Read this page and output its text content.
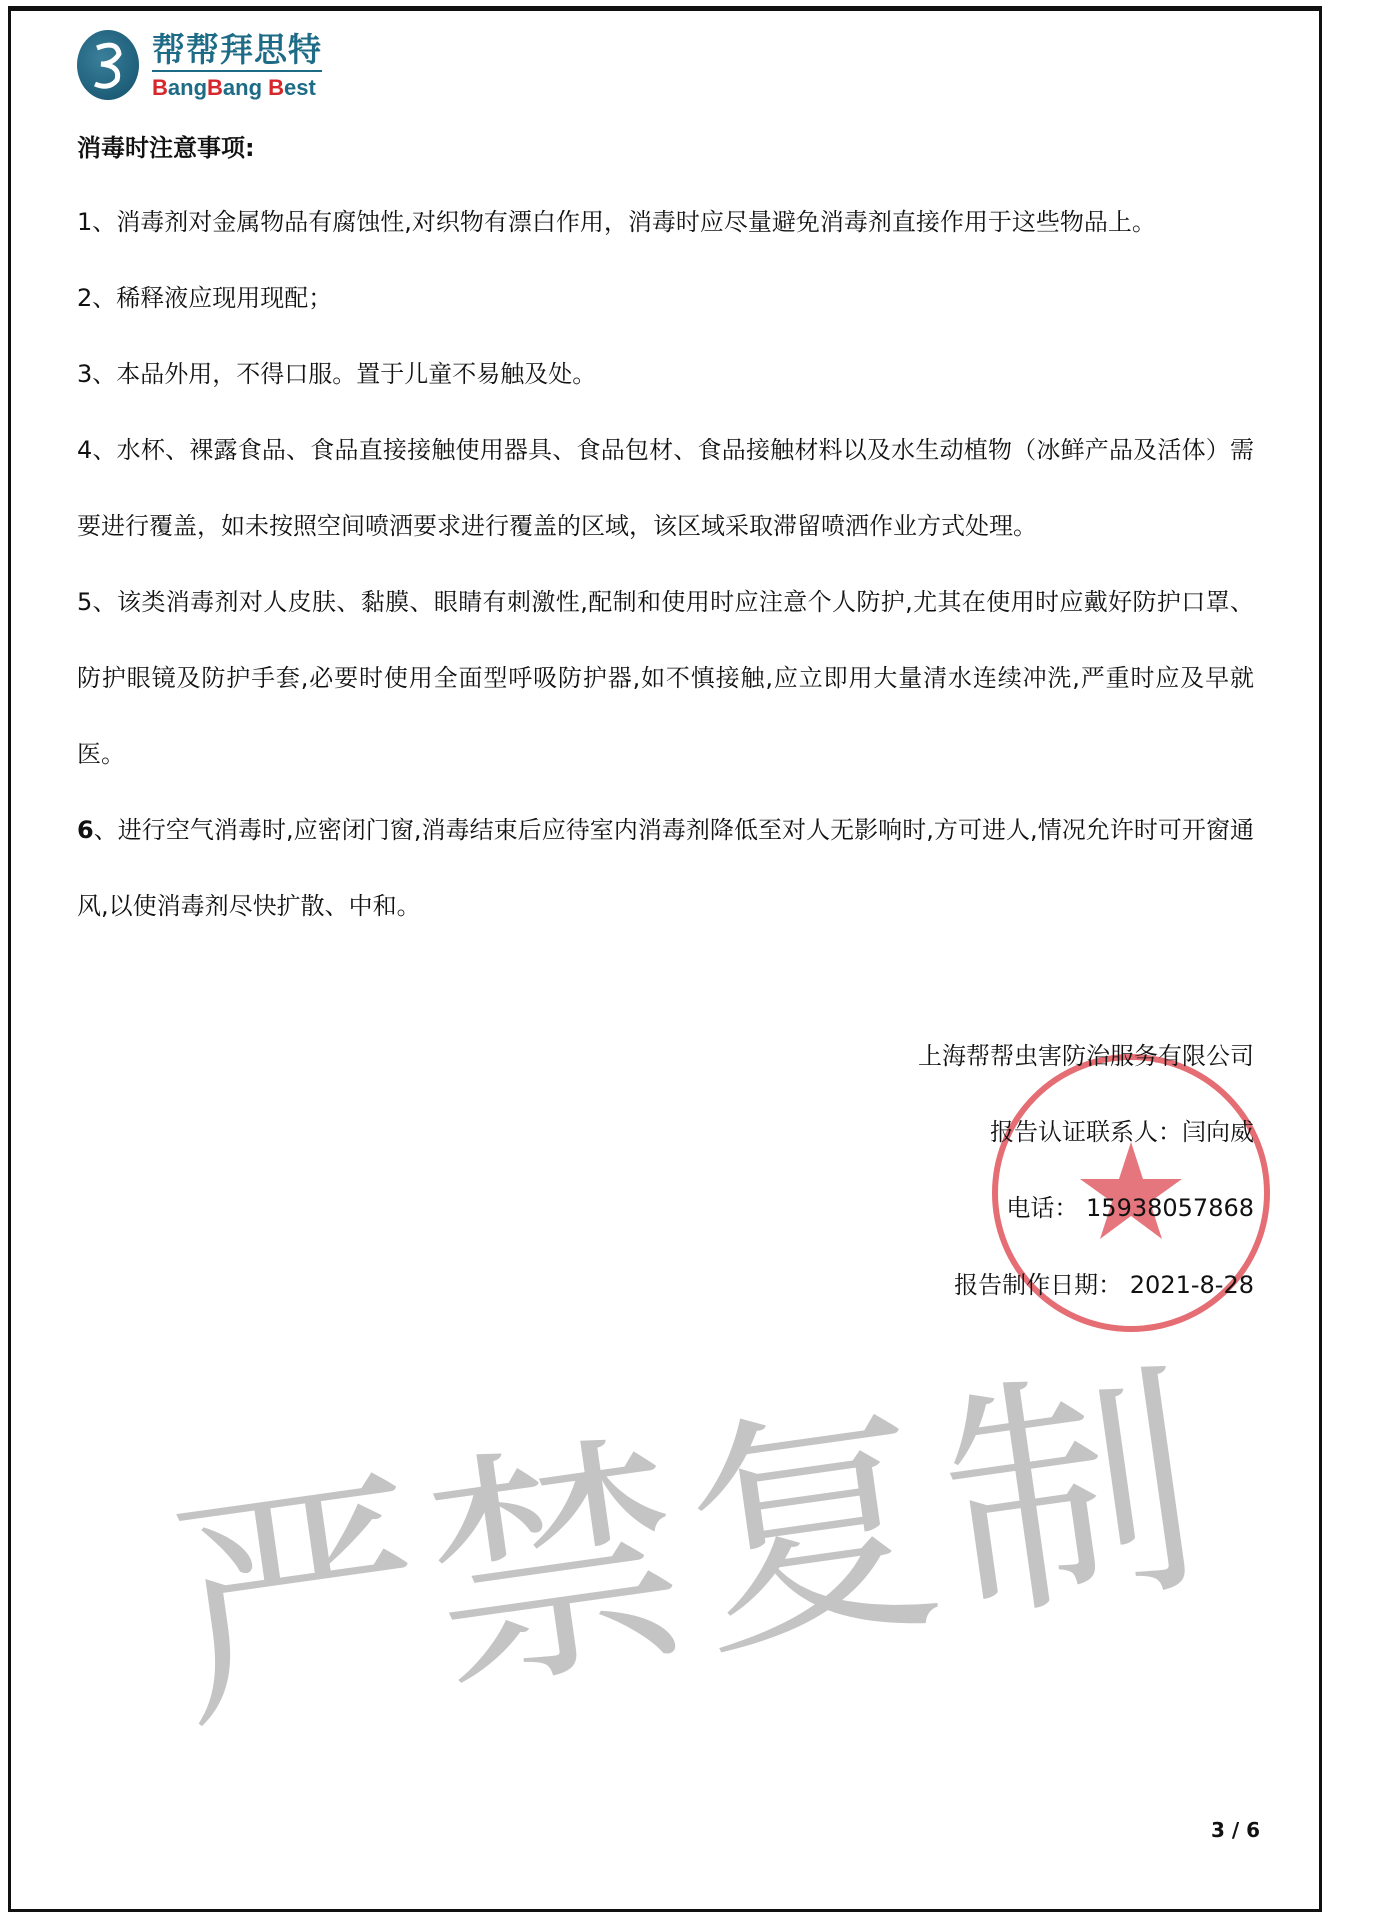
严禁复制
帮帮拜思特
BangBang Best
消毒时注意事项:

1、消毒剂对金属物品有腐蚀性,对织物有漂白作用，消毒时应尽量避免消毒剂直接作用于这些物品上。

2、稀释液应现用现配；

3、本品外用，不得口服。置于儿童不易触及处。

4、水杯、裸露食品、食品直接接触使用器具、食品包材、食品接触材料以及水生动植物（冰鲜产品及活体）需要进行覆盖，如未按照空间喷洒要求进行覆盖的区域，该区域采取滞留喷洒作业方式处理。

5、该类消毒剂对人皮肤、黏膜、眼睛有刺激性,配制和使用时应注意个人防护,尤其在使用时应戴好防护口罩、防护眼镜及防护手套,必要时使用全面型呼吸防护器,如不慎接触,应立即用大量清水连续冲洗,严重时应及早就医。

6、进行空气消毒时,应密闭门窗,消毒结束后应待室内消毒剂降低至对人无影响时,方可进人,情况允许时可开窗通风,以使消毒剂尽快扩散、中和。

上海帮帮虫害防治服务有限公司
报告认证联系人：闫向威
电话： 15938057868
报告制作日期： 2021-8-28
3 / 6
